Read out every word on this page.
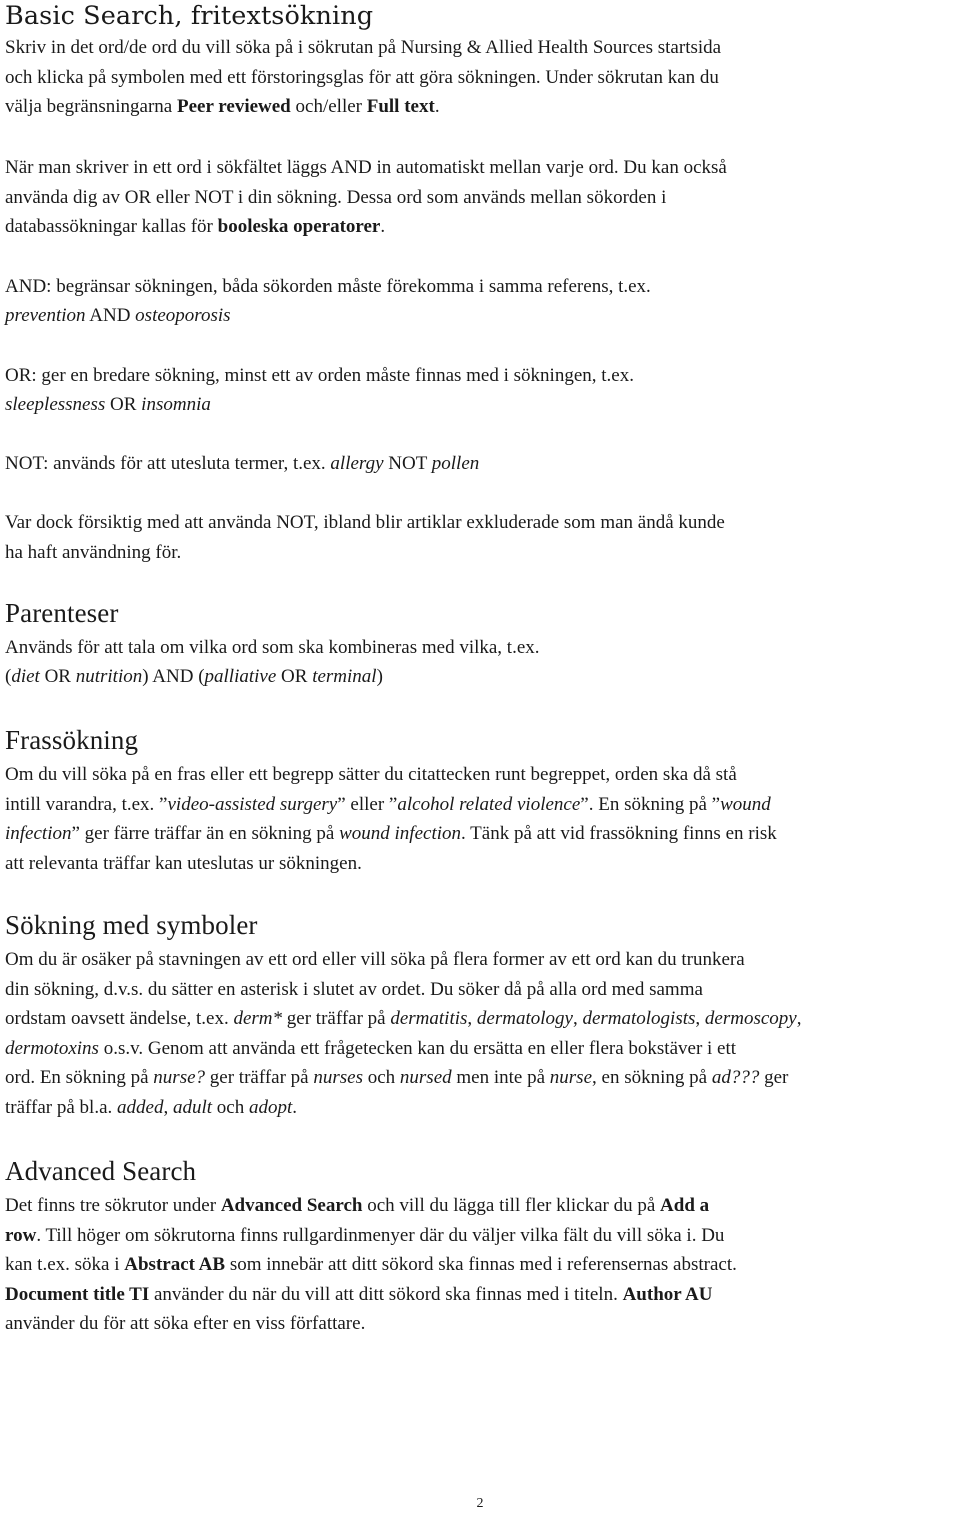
Basic Search, fritextsökning

Skriv in det ord/de ord du vill söka på i sökrutan på Nursing & Allied Health Sources startsida
och klicka på symbolen med ett förstoringsglas för att göra sökningen. Under sökrutan kan du
välja begränsningarna Peer reviewed och/eller Full text.

När man skriver in ett ord i sökfältet läggs AND in automatiskt mellan varje ord. Du kan också
använda dig av OR eller NOT i din sökning. Dessa ord som används mellan sökorden i
databassökningar kallas för booleska operatorer.

AND: begränsar sökningen, båda sökorden måste förekomma i samma referens, t.ex.

prevention AND osteoporosis

OR: ger en bredare sökning, minst ett av orden måste finnas med i sökningen, t.ex.

sleeplessness OR insomnia

NOT: används för att utesluta termer, t.ex. allergy NOT pollen

Var dock försiktig med att använda NOT, ibland blir artiklar exkluderade som man ändå kunde
ha haft användning för.

Parenteser

Används för att tala om vilka ord som ska kombineras med vilka, t.ex.

(diet OR nutrition) AND (palliative OR terminal)

Frassökning

Om du vill söka på en fras eller ett begrepp sätter du citattecken runt begreppet, orden ska då stå
intill varandra, t.ex. ”video-assisted surgery” eller ”alcohol related violence”. En sökning på ”wound
infection” ger färre träffar än en sökning på wound infection. Tänk på att vid frassökning finns en risk
att relevanta träffar kan uteslutas ur sökningen.

Sökning med symboler

Om du är osäker på stavningen av ett ord eller vill söka på flera former av ett ord kan du trunkera
din sökning, d.v.s. du sätter en asterisk i slutet av ordet. Du söker då på alla ord med samma
ordstam oavsett ändelse, t.ex. derm* ger träffar på dermatitis, dermatology, dermatologists, dermoscopy,
dermotoxins o.s.v. Genom att använda ett frågetecken kan du ersätta en eller flera bokstäver i ett
ord. En sökning på nurse? ger träffar på nurses och nursed men inte på nurse, en sökning på ad??? ger
träffar på bl.a. added, adult och adopt.

Advanced Search

Det finns tre sökrutor under Advanced Search och vill du lägga till fler klickar du på Add a
row. Till höger om sökrutorna finns rullgardinmenyer där du väljer vilka fält du vill söka i. Du
kan t.ex. söka i Abstract AB som innebär att ditt sökord ska finnas med i referensernas abstract.
Document title TI använder du när du vill att ditt sökord ska finnas med i titeln. Author AU
använder du för att söka efter en viss författare.

2
